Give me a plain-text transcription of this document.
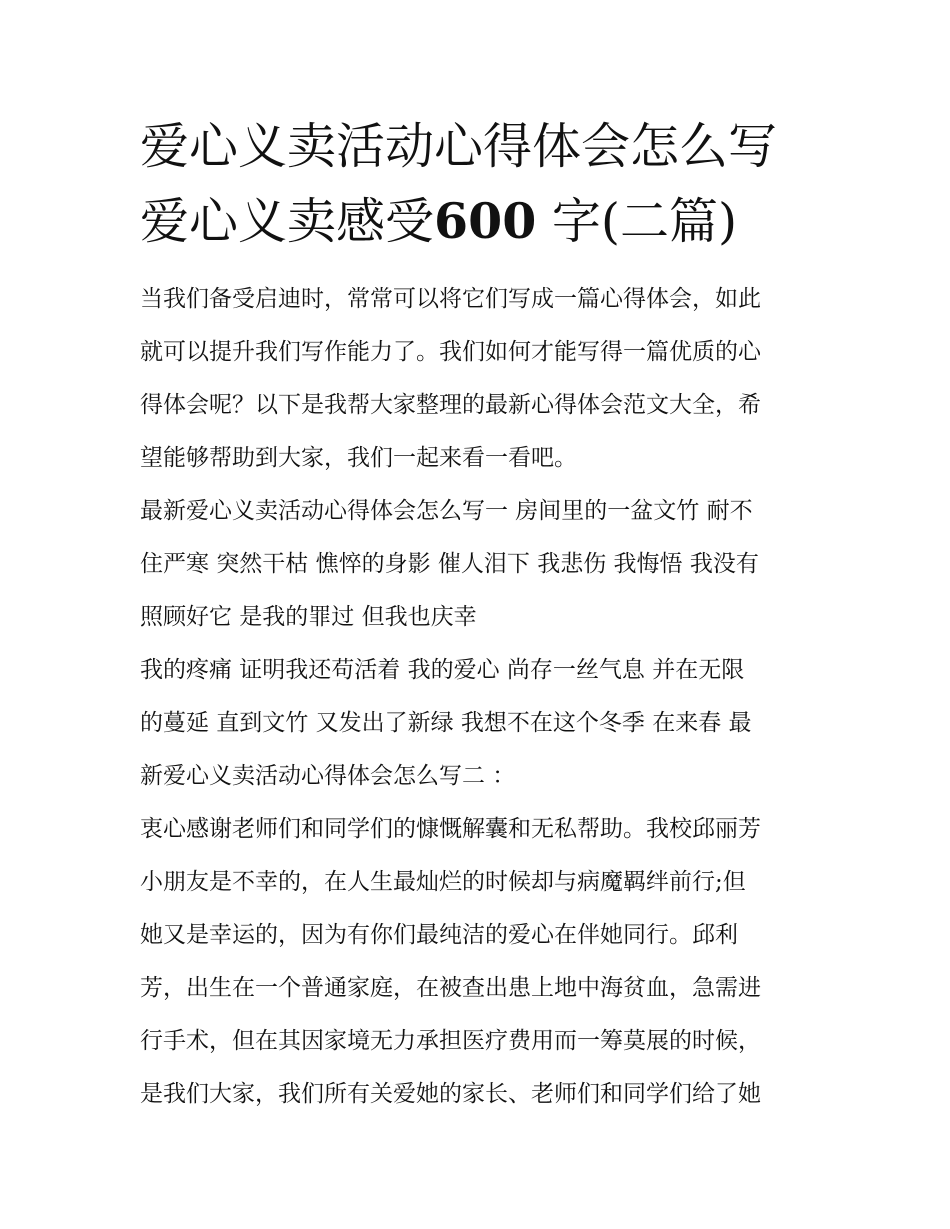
爱心义卖活动心得体会怎么写
爱心义卖感受600 字(二篇)
当我们备受启迪时，常常可以将它们写成一篇心得体会，如此
就可以提升我们写作能力了。我们如何才能写得一篇优质的心
得体会呢？以下是我帮大家整理的最新心得体会范文大全，希
望能够帮助到大家，我们一起来看一看吧。
最新爱心义卖活动心得体会怎么写一 房间里的一盆文竹 耐不
住严寒 突然干枯 憔悴的身影 催人泪下 我悲伤 我悔悟 我没有
照顾好它 是我的罪过 但我也庆幸
我的疼痛 证明我还苟活着 我的爱心 尚存一丝气息 并在无限
的蔓延 直到文竹 又发出了新绿 我想不在这个冬季 在来春 最
新爱心义卖活动心得体会怎么写二 ：
衷心感谢老师们和同学们的慷慨解囊和无私帮助。我校邱丽芳
小朋友是不幸的，在人生最灿烂的时候却与病魔羁绊前行;但
她又是幸运的，因为有你们最纯洁的爱心在伴她同行。邱利
芳，出生在一个普通家庭，在被查出患上地中海贫血，急需进
行手术，但在其因家境无力承担医疗费用而一筹莫展的时候，
是我们大家，我们所有关爱她的家长、老师们和同学们给了她
